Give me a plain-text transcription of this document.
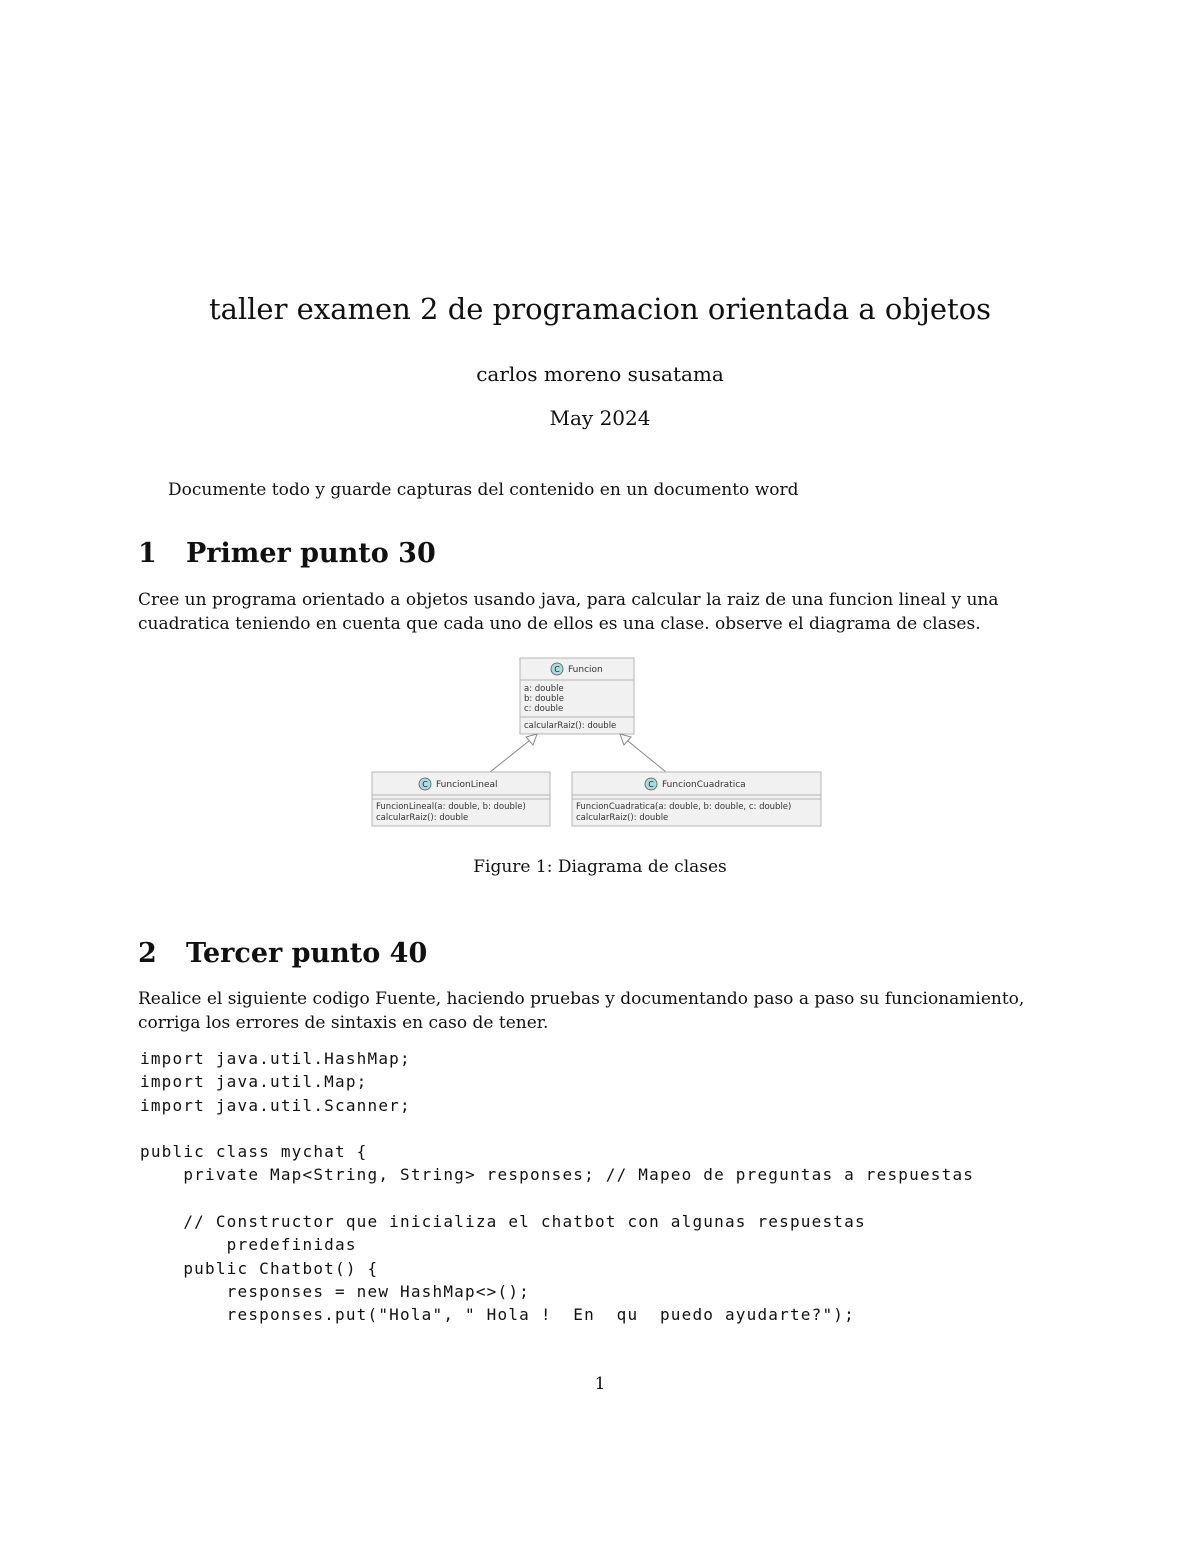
taller examen 2 de programacion orientada a objetos
carlos moreno susatama
May 2024
Documente todo y guarde capturas del contenido en un documento word
1 Primer punto 30
Cree un programa orientado a objetos usando java, para calcular la raiz de una funcion lineal y una cuadratica teniendo en cuenta que cada uno de ellos es una clase. observe el diagrama de clases.
C Funcion
a: double
b: double
c: double
calcularRaiz(): double
C FuncionLineal
FuncionLineal(a: double, b: double)
calcularRaiz(): double
C FuncionCuadratica
FuncionCuadratica(a: double, b: double, c: double)
calcularRaiz(): double
Figure 1: Diagrama de clases
2 Tercer punto 40
Realice el siguiente codigo Fuente, haciendo pruebas y documentando paso a paso su funcionamiento, corriga los errores de sintaxis en caso de tener.
import java.util.HashMap;
import java.util.Map;
import java.util.Scanner;

public class mychat {
private Map<String, String> responses; // Mapeo de preguntas a respuestas

// Constructor que inicializa el chatbot con algunas respuestas
predefinidas
public Chatbot() {
responses = new HashMap<>();
responses.put("Hola", " Hola !  En  qu  puedo ayudarte?");
1
